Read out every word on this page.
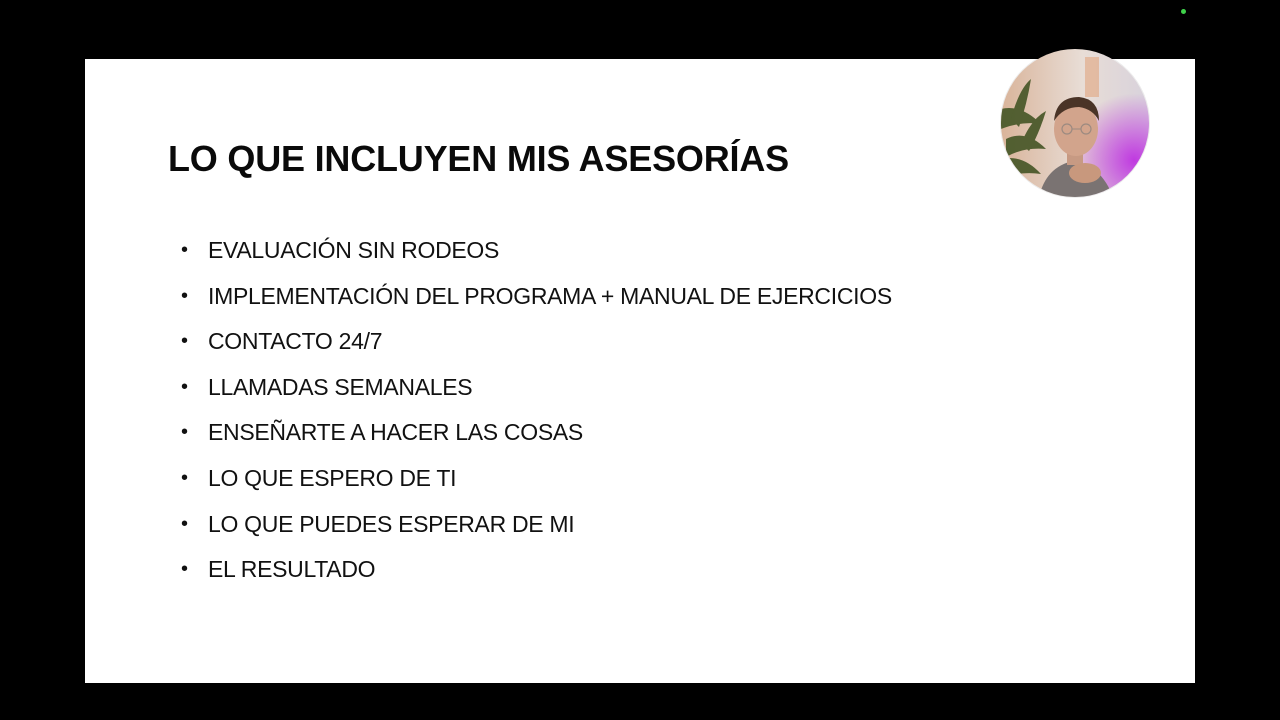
LO QUE INCLUYEN MIS ASESORÍAS
• EVALUACIÓN SIN RODEOS
• IMPLEMENTACIÓN DEL PROGRAMA + MANUAL DE EJERCICIOS
• CONTACTO 24/7
• LLAMADAS SEMANALES
• ENSEÑARTE A HACER LAS COSAS
• LO QUE ESPERO DE TI
• LO QUE PUEDES ESPERAR DE MI
• EL RESULTADO
